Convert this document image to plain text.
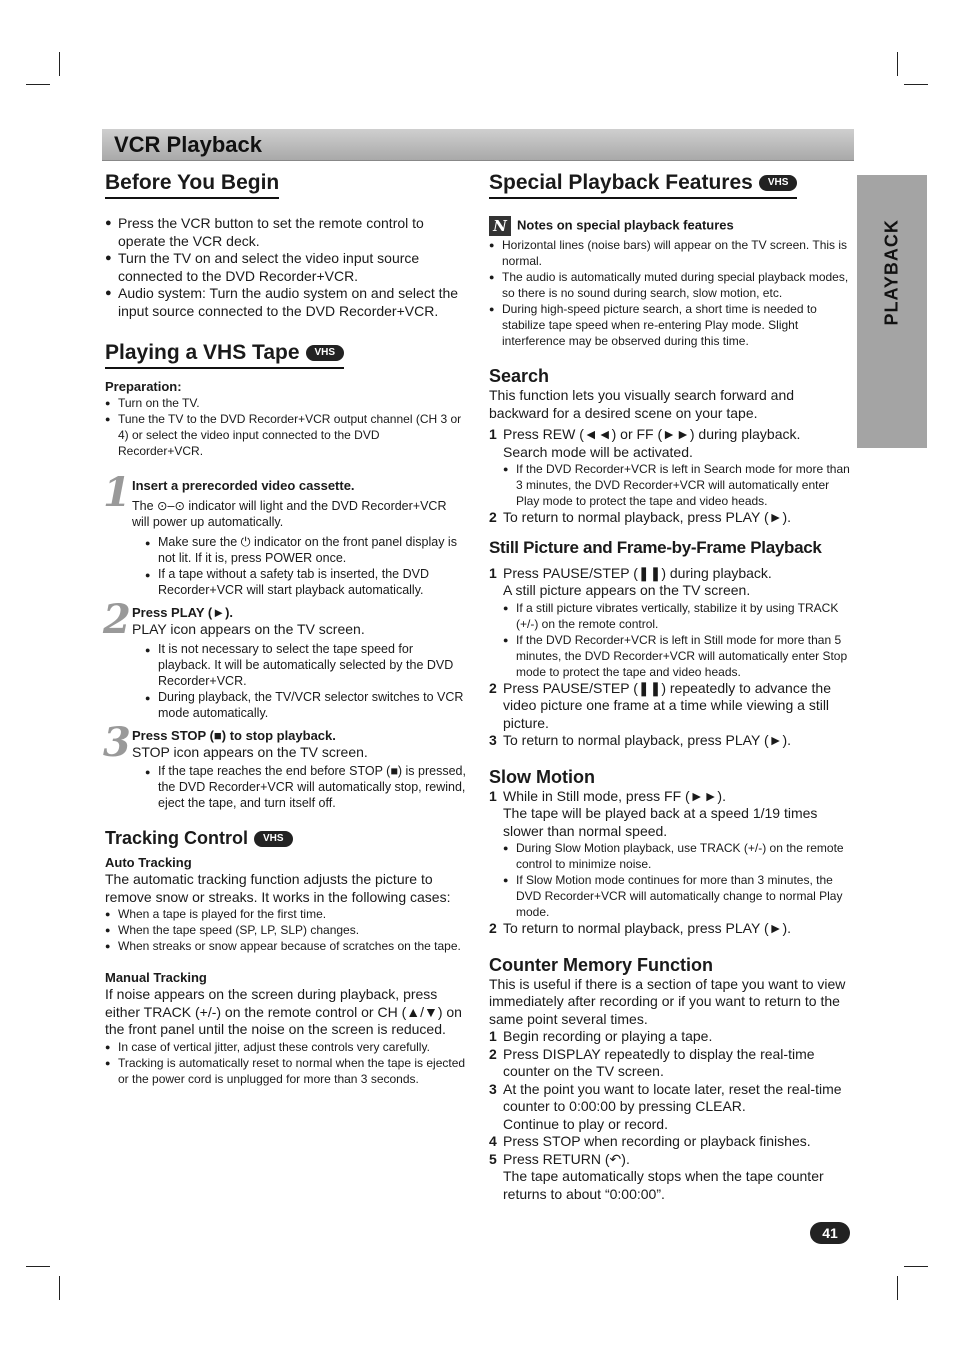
VCR Playback
PLAYBACK
Before You Begin
● Press the VCR button to set the remote control to operate the VCR deck.
● Turn the TV on and select the video input source connected to the DVD Recorder+VCR.
● Audio system: Turn the audio system on and select the input source connected to the DVD Recorder+VCR.
Playing a VHS Tape VHS
Preparation:
● Turn on the TV.
● Tune the TV to the DVD Recorder+VCR output channel (CH 3 or 4) or select the video input connected to the DVD Recorder+VCR.
1 Insert a prerecorded video cassette.
The ⊙–⊙ indicator will light and the DVD Recorder+VCR will power up automatically.
● Make sure the ⏻ indicator on the front panel display is not lit. If it is, press POWER once.
● If a tape without a safety tab is inserted, the DVD Recorder+VCR will start playback automatically.
2 Press PLAY (►).
PLAY icon appears on the TV screen.
● It is not necessary to select the tape speed for playback. It will be automatically selected by the DVD Recorder+VCR.
● During playback, the TV/VCR selector switches to VCR mode automatically.
3 Press STOP (■) to stop playback.
STOP icon appears on the TV screen.
● If the tape reaches the end before STOP (■) is pressed, the DVD Recorder+VCR will automatically stop, rewind, eject the tape, and turn itself off.
Tracking Control VHS
Auto Tracking
The automatic tracking function adjusts the picture to remove snow or streaks. It works in the following cases:
● When a tape is played for the first time.
● When the tape speed (SP, LP, SLP) changes.
● When streaks or snow appear because of scratches on the tape.
Manual Tracking
If noise appears on the screen during playback, press either TRACK (+/-) on the remote control or CH (▲/▼) on the front panel until the noise on the screen is reduced.
● In case of vertical jitter, adjust these controls very carefully.
● Tracking is automatically reset to normal when the tape is ejected or the power cord is unplugged for more than 3 seconds.
Special Playback Features VHS
N Notes on special playback features
● Horizontal lines (noise bars) will appear on the TV screen. This is normal.
● The audio is automatically muted during special playback modes, so there is no sound during search, slow motion, etc.
● During high-speed picture search, a short time is needed to stabilize tape speed when re-entering Play mode. Slight interference may be observed during this time.
Search
This function lets you visually search forward and backward for a desired scene on your tape.
1 Press REW (◄◄) or FF (►►) during playback.
Search mode will be activated.
● If the DVD Recorder+VCR is left in Search mode for more than 3 minutes, the DVD Recorder+VCR will automatically enter Play mode to protect the tape and video heads.
2 To return to normal playback, press PLAY (►).
Still Picture and Frame-by-Frame Playback
1 Press PAUSE/STEP (❚❚) during playback.
A still picture appears on the TV screen.
● If a still picture vibrates vertically, stabilize it by using TRACK (+/-) on the remote control.
● If the DVD Recorder+VCR is left in Still mode for more than 5 minutes, the DVD Recorder+VCR will automatically enter Stop mode to protect the tape and video heads.
2 Press PAUSE/STEP (❚❚) repeatedly to advance the video picture one frame at a time while viewing a still picture.
3 To return to normal playback, press PLAY (►).
Slow Motion
1 While in Still mode, press FF (►►).
The tape will be played back at a speed 1/19 times slower than normal speed.
● During Slow Motion playback, use TRACK (+/-) on the remote control to minimize noise.
● If Slow Motion mode continues for more than 3 minutes, the DVD Recorder+VCR will automatically change to normal Play mode.
2 To return to normal playback, press PLAY (►).
Counter Memory Function
This is useful if there is a section of tape you want to view immediately after recording or if you want to return to the same point several times.
1 Begin recording or playing a tape.
2 Press DISPLAY repeatedly to display the real-time counter on the TV screen.
3 At the point you want to locate later, reset the real-time counter to 0:00:00 by pressing CLEAR.
Continue to play or record.
4 Press STOP when recording or playback finishes.
5 Press RETURN (↶).
The tape automatically stops when the tape counter returns to about “0:00:00”.
41
